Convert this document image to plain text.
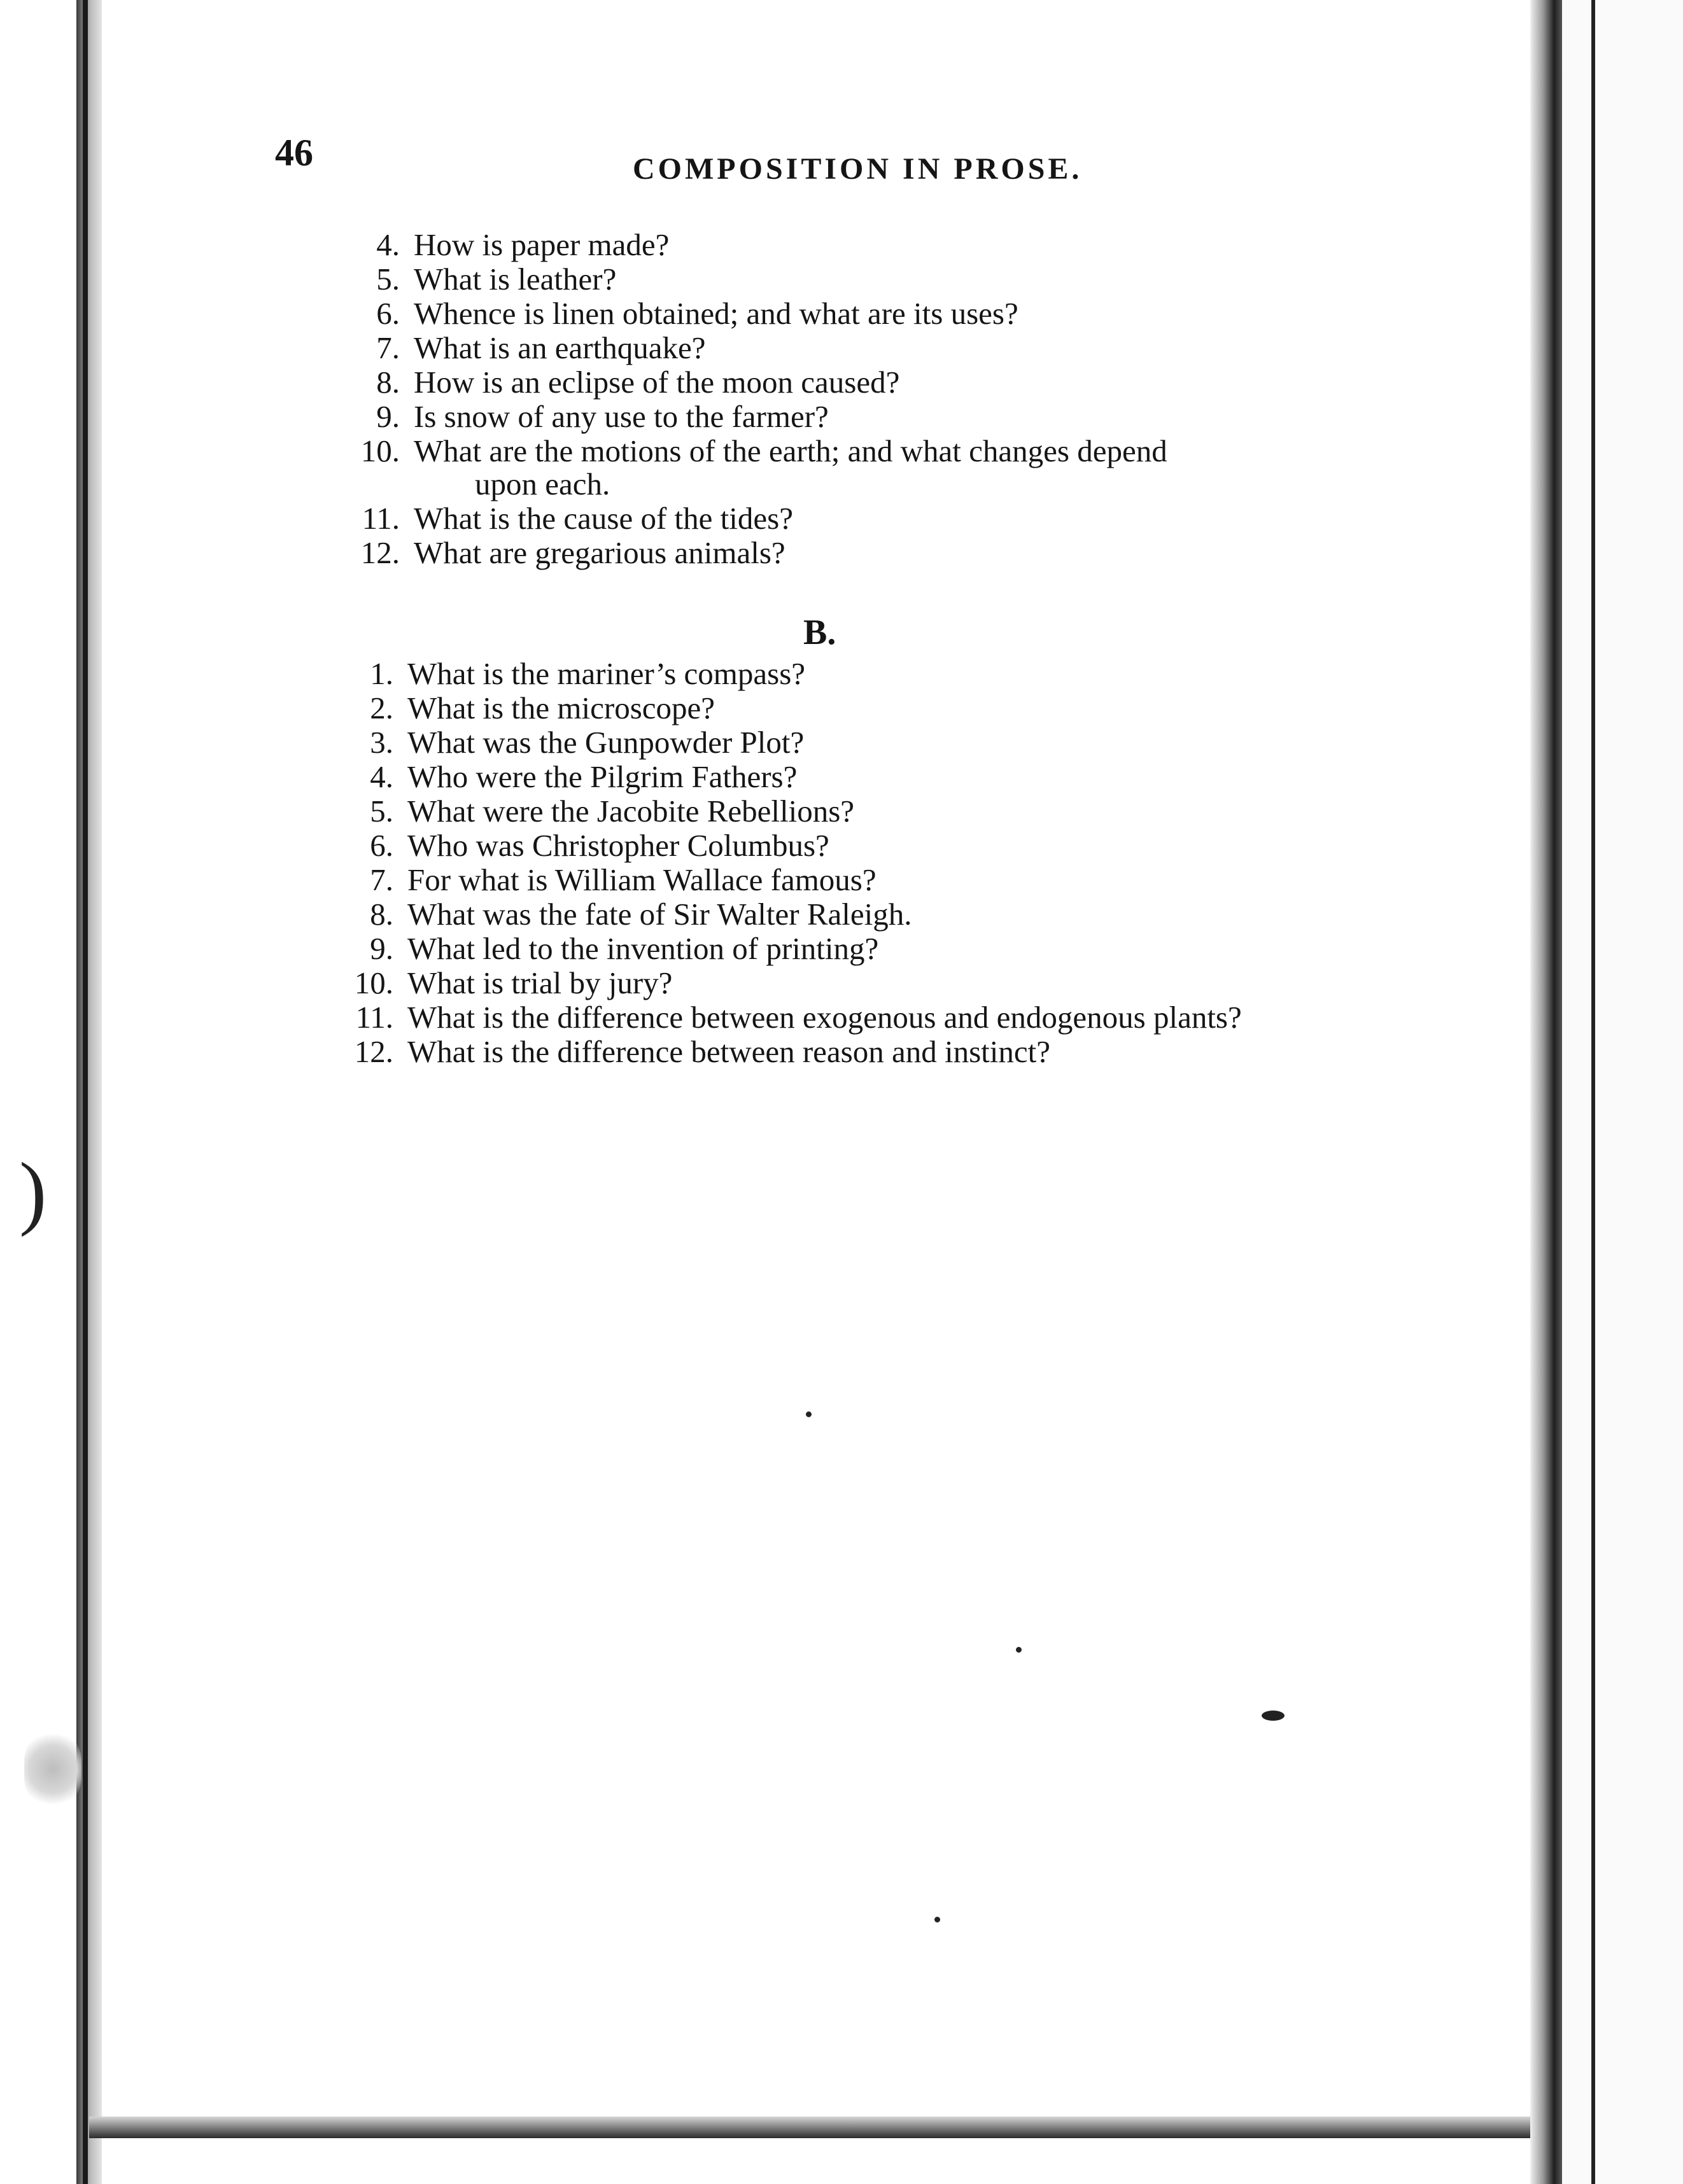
)
46	COMPOSITION IN PROSE.
4. How is paper made?
5. What is leather?
6. Whence is linen obtained; and what are its uses?
7. What is an earthquake?
8. How is an eclipse of the moon caused?
9. Is snow of any use to the farmer?
10. What are the motions of the earth; and what changes depend
upon each.
11. What is the cause of the tides?
12. What are gregarious animals?
B.
1. What is the mariner’s compass?
2. What is the microscope?
3. What was the Gunpowder Plot?
4. Who were the Pilgrim Fathers?
5. What were the Jacobite Rebellions?
6. Who was Christopher Columbus?
7. For what is William Wallace famous?
8. What was the fate of Sir Walter Raleigh.
9. What led to the invention of printing?
10. What is trial by jury?
11. What is the difference between exogenous and endogenous plants?
12. What is the difference between reason and instinct?
